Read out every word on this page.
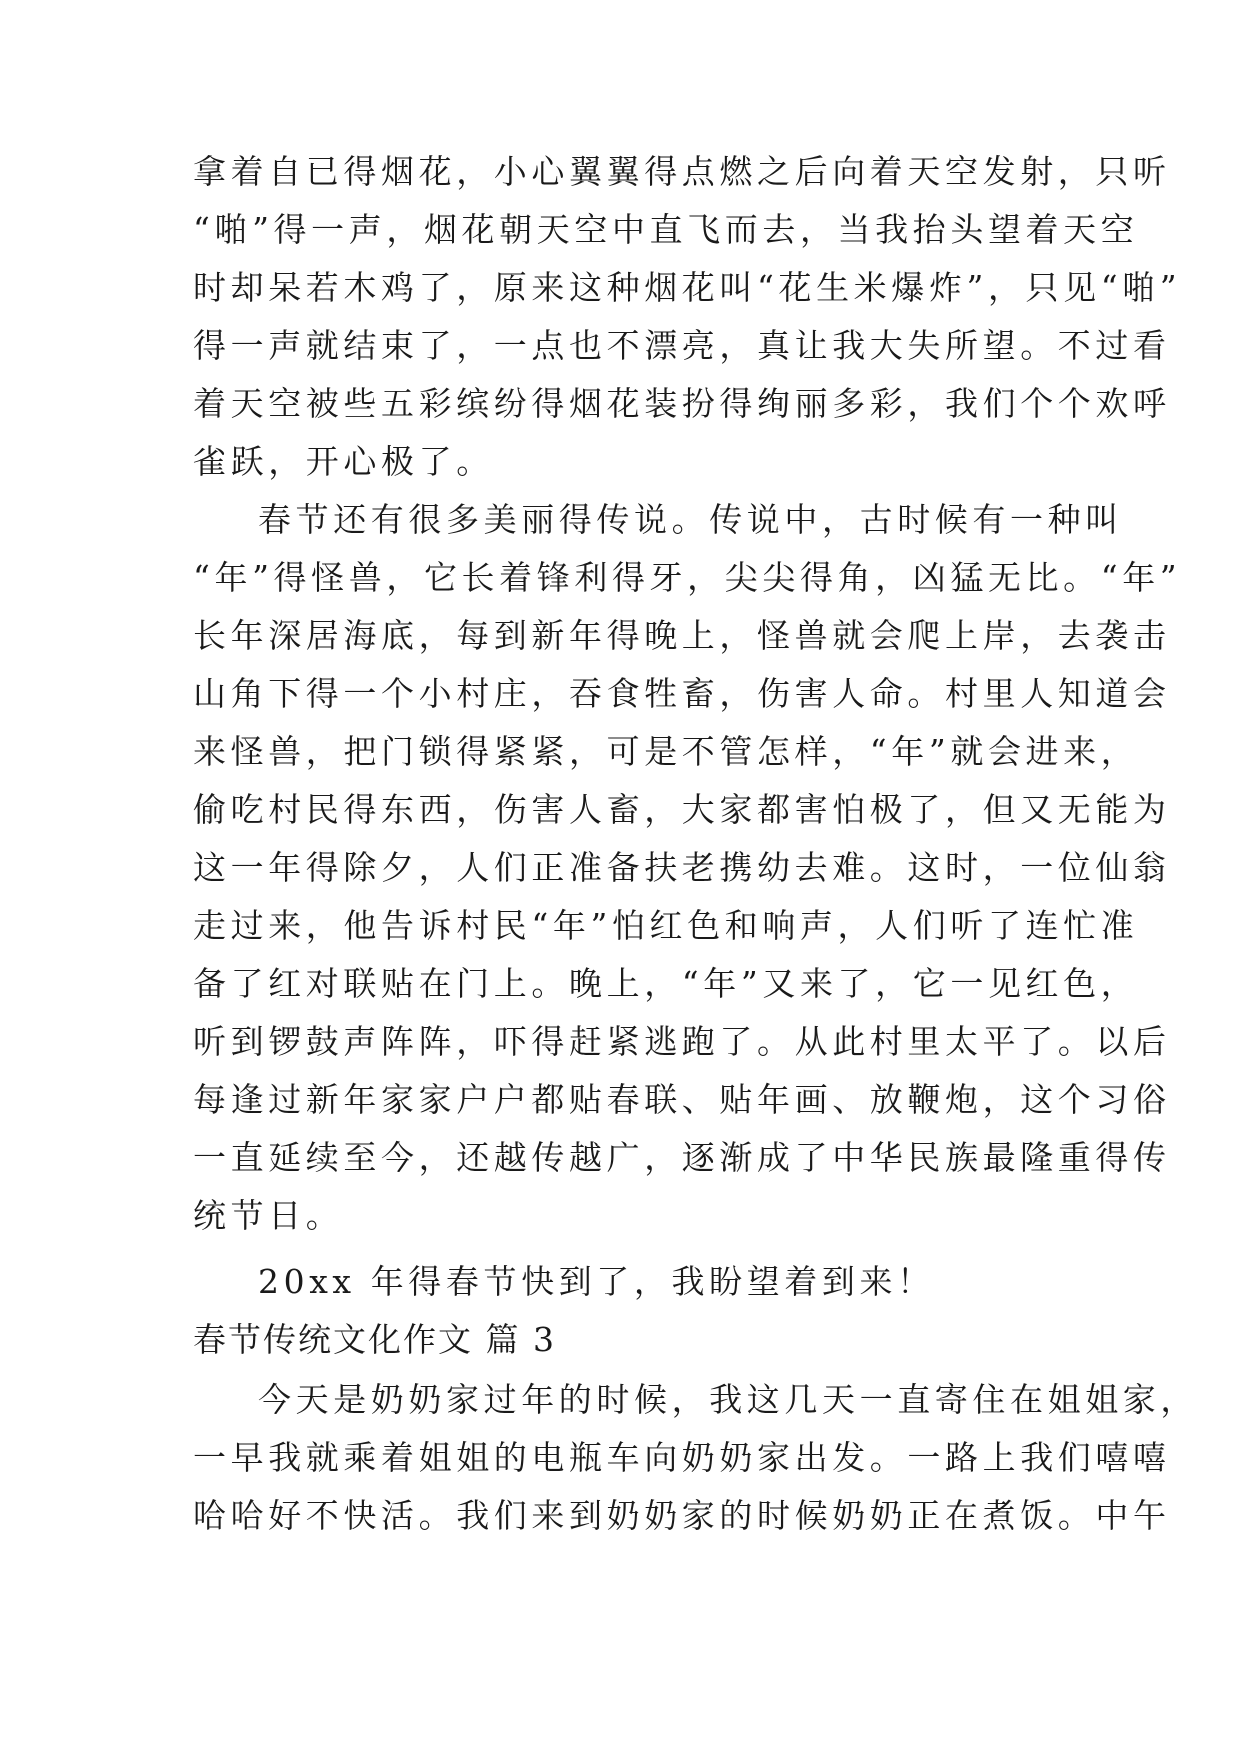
拿着自已得烟花，小心翼翼得点燃之后向着天空发射，只听
“啪”得一声，烟花朝天空中直飞而去，当我抬头望着天空
时却呆若木鸡了，原来这种烟花叫“花生米爆炸”，只见“啪”
得一声就结束了，一点也不漂亮，真让我大失所望。不过看
着天空被些五彩缤纷得烟花装扮得绚丽多彩，我们个个欢呼
雀跃，开心极了。
春节还有很多美丽得传说。传说中，古时候有一种叫
“年”得怪兽，它长着锋利得牙，尖尖得角，凶猛无比。“年”
长年深居海底，每到新年得晚上，怪兽就会爬上岸，去袭击
山角下得一个小村庄，吞食牲畜，伤害人命。村里人知道会
来怪兽，把门锁得紧紧，可是不管怎样，“年”就会进来，
偷吃村民得东西，伤害人畜，大家都害怕极了，但又无能为
这一年得除夕，人们正准备扶老携幼去难。这时，一位仙翁
走过来，他告诉村民“年”怕红色和响声，人们听了连忙准
备了红对联贴在门上。晚上，“年”又来了，它一见红色，
听到锣鼓声阵阵，吓得赶紧逃跑了。从此村里太平了。以后
每逢过新年家家户户都贴春联、贴年画、放鞭炮，这个习俗
一直延续至今，还越传越广，逐渐成了中华民族最隆重得传
统节日。
20xx 年得春节快到了，我盼望着到来！
春节传统文化作文 篇 3
今天是奶奶家过年的时候，我这几天一直寄住在姐姐家，
一早我就乘着姐姐的电瓶车向奶奶家出发。一路上我们嘻嘻
哈哈好不快活。我们来到奶奶家的时候奶奶正在煮饭。中午
